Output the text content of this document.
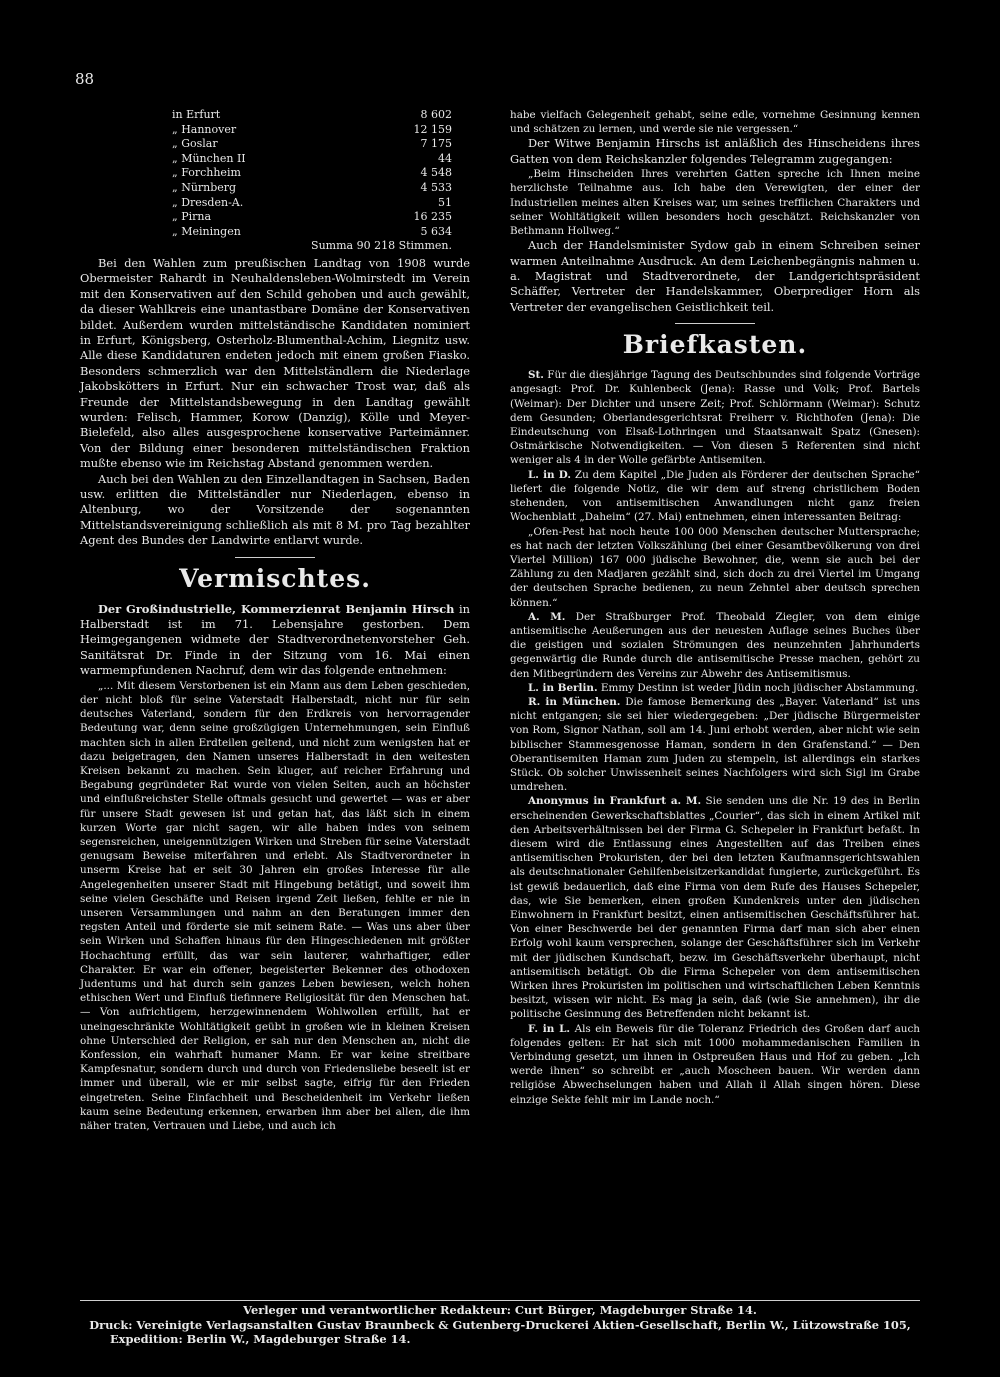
88
in Erfurt	8 602
„ Hannover	12 159
„ Goslar	7 175
„ München II	44
„ Forchheim	4 548
„ Nürnberg	4 533
„ Dresden-A.	51
„ Pirna	16 235
„ Meiningen	5 634
Summa 90 218 Stimmen.

Bei den Wahlen zum preußischen Landtag von 1908 wurde Obermeister Rahardt in Neuhaldensleben-Wolmirstedt im Verein mit den Konservativen auf den Schild gehoben und auch gewählt, da dieser Wahlkreis eine unantastbare Domäne der Konservativen bildet. Außerdem wurden mittelständische Kandidaten nominiert in Erfurt, Königsberg, Osterholz-Blumenthal-Achim, Liegnitz usw. Alle diese Kandidaturen endeten jedoch mit einem großen Fiasko. Besonders schmerzlich war den Mittelständlern die Niederlage Jakobskötters in Erfurt. Nur ein schwacher Trost war, daß als Freunde der Mittelstandsbewegung in den Landtag gewählt wurden: Felisch, Hammer, Korow (Danzig), Kölle und Meyer-Bielefeld, also alles ausgesprochene konservative Parteimänner. Von der Bildung einer besonderen mittelständischen Fraktion mußte ebenso wie im Reichstag Abstand genommen werden.

Auch bei den Wahlen zu den Einzellandtagen in Sachsen, Baden usw. erlitten die Mittelständler nur Niederlagen, ebenso in Altenburg, wo der Vorsitzende der sogenannten Mittelstandsvereinigung schließlich als mit 8 M. pro Tag bezahlter Agent des Bundes der Landwirte entlarvt wurde.

Vermischtes.

Der Großindustrielle, Kommerzienrat Benjamin Hirsch in Halberstadt ist im 71. Lebensjahre gestorben. Dem Heimgegangenen widmete der Stadtverordnetenvorsteher Geh. Sanitätsrat Dr. Finde in der Sitzung vom 16. Mai einen warmempfundenen Nachruf, dem wir das folgende entnehmen:

„... Mit diesem Verstorbenen ist ein Mann aus dem Leben geschieden, der nicht bloß für seine Vaterstadt Halberstadt, nicht nur für sein deutsches Vaterland, sondern für den Erdkreis von hervorragender Bedeutung war, denn seine großzügigen Unternehmungen, sein Einfluß machten sich in allen Erdteilen geltend, und nicht zum wenigsten hat er dazu beigetragen, den Namen unseres Halberstadt in den weitesten Kreisen bekannt zu machen. Sein kluger, auf reicher Erfahrung und Begabung gegründeter Rat wurde von vielen Seiten, auch an höchster und einflußreichster Stelle oftmals gesucht und gewertet — was er aber für unsere Stadt gewesen ist und getan hat, das läßt sich in einem kurzen Worte gar nicht sagen, wir alle haben indes von seinem segensreichen, uneigennützigen Wirken und Streben für seine Vaterstadt genugsam Beweise miterfahren und erlebt. Als Stadtverordneter in unserm Kreise hat er seit 30 Jahren ein großes Interesse für alle Angelegenheiten unserer Stadt mit Hingebung betätigt, und soweit ihm seine vielen Geschäfte und Reisen irgend Zeit ließen, fehlte er nie in unseren Versammlungen und nahm an den Beratungen immer den regsten Anteil und förderte sie mit seinem Rate. — Was uns aber über sein Wirken und Schaffen hinaus für den Hingeschiedenen mit größter Hochachtung erfüllt, das war sein lauterer, wahrhaftiger, edler Charakter. Er war ein offener, begeisterter Bekenner des othodoxen Judentums und hat durch sein ganzes Leben bewiesen, welch hohen ethischen Wert und Einfluß tiefinnere Religiosität für den Menschen hat. — Von aufrichtigem, herzgewinnendem Wohlwollen erfüllt, hat er uneingeschränkte Wohltätigkeit geübt in großen wie in kleinen Kreisen ohne Unterschied der Religion, er sah nur den Menschen an, nicht die Konfession, ein wahrhaft humaner Mann. Er war keine streitbare Kampfesnatur, sondern durch und durch von Friedensliebe beseelt ist er immer und überall, wie er mir selbst sagte, eifrig für den Frieden eingetreten. Seine Einfachheit und Bescheidenheit im Verkehr ließen kaum seine Bedeutung erkennen, erwarben ihm aber bei allen, die ihm näher traten, Vertrauen und Liebe, und auch ich

habe vielfach Gelegenheit gehabt, seine edle, vornehme Gesinnung kennen und schätzen zu lernen, und werde sie nie vergessen.“

Der Witwe Benjamin Hirschs ist anläßlich des Hinscheidens ihres Gatten von dem Reichskanzler folgendes Telegramm zugegangen:

„Beim Hinscheiden Ihres verehrten Gatten spreche ich Ihnen meine herzlichste Teilnahme aus. Ich habe den Verewigten, der einer der Industriellen meines alten Kreises war, um seines trefflichen Charakters und seiner Wohltätigkeit willen besonders hoch geschätzt. Reichskanzler von Bethmann Hollweg.“

Auch der Handelsminister Sydow gab in einem Schreiben seiner warmen Anteilnahme Ausdruck. An dem Leichenbegängnis nahmen u. a. Magistrat und Stadtverordnete, der Landgerichtspräsident Schäffer, Vertreter der Handelskammer, Oberprediger Horn als Vertreter der evangelischen Geistlichkeit teil.

Briefkasten.

St. Für die diesjährige Tagung des Deutschbundes sind folgende Vorträge angesagt: Prof. Dr. Kuhlenbeck (Jena): Rasse und Volk; Prof. Bartels (Weimar): Der Dichter und unsere Zeit; Prof. Schlörmann (Weimar): Schutz dem Gesunden; Oberlandesgerichtsrat Freiherr v. Richthofen (Jena): Die Eindeutschung von Elsaß-Lothringen und Staatsanwalt Spatz (Gnesen): Ostmärkische Notwendigkeiten. — Von diesen 5 Referenten sind nicht weniger als 4 in der Wolle gefärbte Antisemiten.

L. in D. Zu dem Kapitel „Die Juden als Förderer der deutschen Sprache“ liefert die folgende Notiz, die wir dem auf streng christlichem Boden stehenden, von antisemitischen Anwandlungen nicht ganz freien Wochenblatt „Daheim“ (27. Mai) entnehmen, einen interessanten Beitrag:

„Ofen-Pest hat noch heute 100 000 Menschen deutscher Muttersprache; es hat nach der letzten Volkszählung (bei einer Gesamtbevölkerung von drei Viertel Million) 167 000 jüdische Bewohner, die, wenn sie auch bei der Zählung zu den Madjaren gezählt sind, sich doch zu drei Viertel im Umgang der deutschen Sprache bedienen, zu neun Zehntel aber deutsch sprechen können.“

A. M. Der Straßburger Prof. Theobald Ziegler, von dem einige antisemitische Aeußerungen aus der neuesten Auflage seines Buches über die geistigen und sozialen Strömungen des neunzehnten Jahrhunderts gegenwärtig die Runde durch die antisemitische Presse machen, gehört zu den Mitbegründern des Vereins zur Abwehr des Antisemitismus.

L. in Berlin. Emmy Destinn ist weder Jüdin noch jüdischer Abstammung.

R. in München. Die famose Bemerkung des „Bayer. Vaterland“ ist uns nicht entgangen; sie sei hier wiedergegeben: „Der jüdische Bürgermeister von Rom, Signor Nathan, soll am 14. Juni erhobt werden, aber nicht wie sein biblischer Stammesgenosse Haman, sondern in den Grafenstand.“ — Den Oberantisemiten Haman zum Juden zu stempeln, ist allerdings ein starkes Stück. Ob solcher Unwissenheit seines Nachfolgers wird sich Sigl im Grabe umdrehen.

Anonymus in Frankfurt a. M. Sie senden uns die Nr. 19 des in Berlin erscheinenden Gewerkschaftsblattes „Courier“, das sich in einem Artikel mit den Arbeitsverhältnissen bei der Firma G. Schepeler in Frankfurt befaßt. In diesem wird die Entlassung eines Angestellten auf das Treiben eines antisemitischen Prokuristen, der bei den letzten Kaufmannsgerichtswahlen als deutschnationaler Gehilfenbeisitzerkandidat fungierte, zurückgeführt. Es ist gewiß bedauerlich, daß eine Firma von dem Rufe des Hauses Schepeler, das, wie Sie bemerken, einen großen Kundenkreis unter den jüdischen Einwohnern in Frankfurt besitzt, einen antisemitischen Geschäftsführer hat. Von einer Beschwerde bei der genannten Firma darf man sich aber einen Erfolg wohl kaum versprechen, solange der Geschäftsführer sich im Verkehr mit der jüdischen Kundschaft, bezw. im Geschäftsverkehr überhaupt, nicht antisemitisch betätigt. Ob die Firma Schepeler von dem antisemitischen Wirken ihres Prokuristen im politischen und wirtschaftlichen Leben Kenntnis besitzt, wissen wir nicht. Es mag ja sein, daß (wie Sie annehmen), ihr die politische Gesinnung des Betreffenden nicht bekannt ist.

F. in L. Als ein Beweis für die Toleranz Friedrich des Großen darf auch folgendes gelten: Er hat sich mit 1000 mohammedanischen Familien in Verbindung gesetzt, um ihnen in Ostpreußen Haus und Hof zu geben. „Ich werde ihnen“ so schreibt er „auch Moscheen bauen. Wir werden dann religiöse Abwechselungen haben und Allah il Allah singen hören. Diese einzige Sekte fehlt mir im Lande noch.“

Verleger und verantwortlicher Redakteur: Curt Bürger, Magdeburger Straße 14.
Druck: Vereinigte Verlagsanstalten Gustav Braunbeck & Gutenberg-Druckerei Aktien-Gesellschaft, Berlin W., Lützowstraße 105,
Expedition: Berlin W., Magdeburger Straße 14.
